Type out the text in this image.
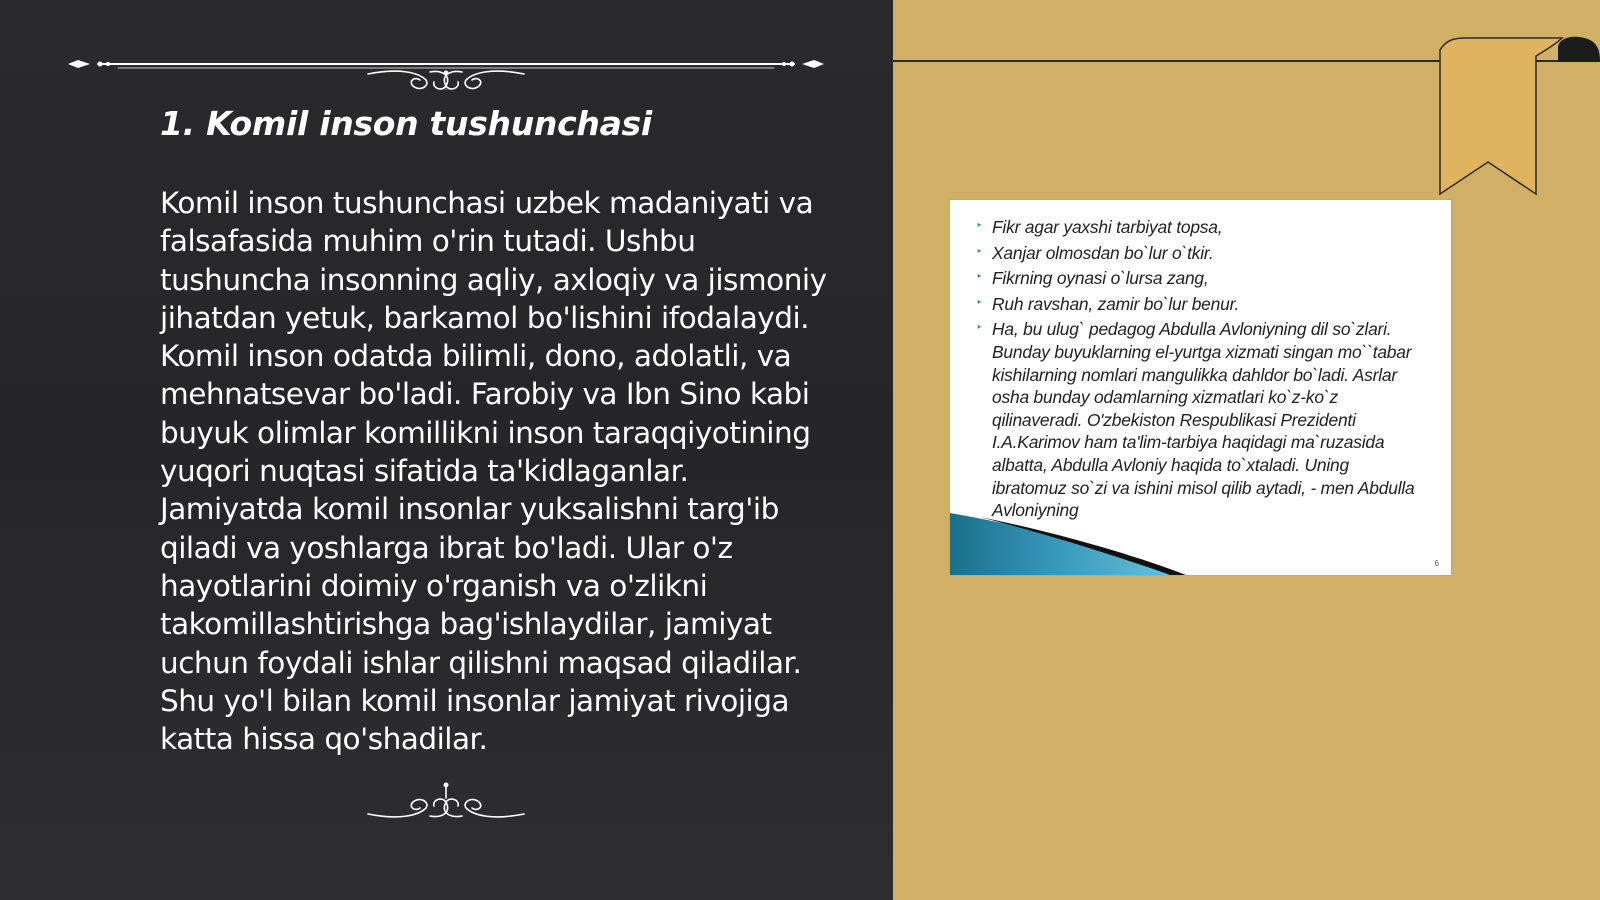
1. Komil inson tushunchasi

Komil inson tushunchasi uzbek madaniyati va falsafasida muhim o'rin tutadi. Ushbu tushuncha insonning aqliy, axloqiy va jismoniy jihatdan yetuk, barkamol bo'lishini ifodalaydi. Komil inson odatda bilimli, dono, adolatli, va mehnatsevar bo'ladi. Farobiy va Ibn Sino kabi buyuk olimlar komillikni inson taraqqiyotining yuqori nuqtasi sifatida ta'kidlaganlar. Jamiyatda komil insonlar yuksalishni targ'ib qiladi va yoshlarga ibrat bo'ladi. Ular o'z hayotlarini doimiy o'rganish va o'zlikni takomillashtirishga bag'ishlaydilar, jamiyat uchun foydali ishlar qilishni maqsad qiladilar. Shu yo'l bilan komil insonlar jamiyat rivojiga katta hissa qo'shadilar.

‣ Fikr agar yaxshi tarbiyat topsa,
‣ Xanjar olmosdan bo`lur o`tkir.
‣ Fikrning oynasi o`lursa zang,
‣ Ruh ravshan, zamir bo`lur benur.
‣ Ha, bu ulug` pedagog Abdulla Avloniyning dil so`zlari. Bunday buyuklarning el-yurtga xizmati singan mo``tabar kishilarning nomlari mangulikka dahldor bo`ladi. Asrlar osha bunday odamlarning xizmatlari ko`z-ko`z qilinaveradi. O'zbekiston Respublikasi Prezidenti I.A.Karimov ham ta'lim-tarbiya haqidagi ma`ruzasida albatta, Abdulla Avloniy haqida to`xtaladi. Uning ibratomuz so`zi va ishini misol qilib aytadi, - men Abdulla Avloniyning
6
